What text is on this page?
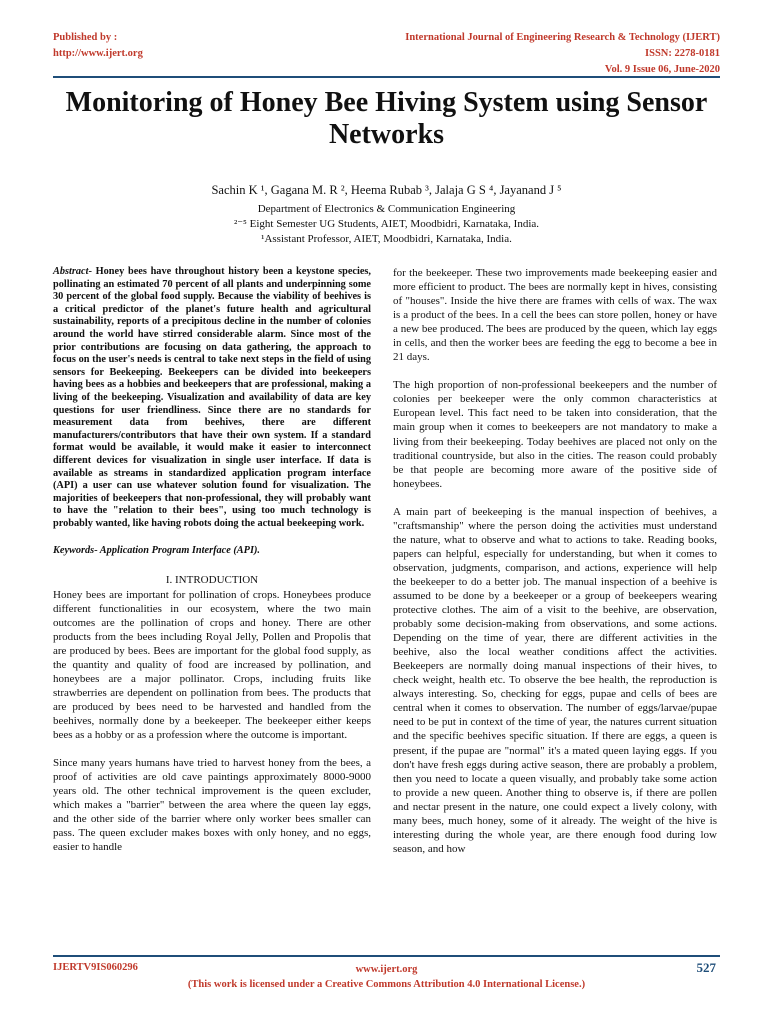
Published by :
http://www.ijert.org
International Journal of Engineering Research & Technology (IJERT)
ISSN: 2278-0181
Vol. 9 Issue 06, June-2020
Monitoring of Honey Bee Hiving System using Sensor Networks
Sachin K ¹, Gagana M. R ², Heema Rubab ³, Jalaja G S ⁴, Jayanand J ⁵
Department of Electronics & Communication Engineering
²⁻⁵ Eight Semester UG Students, AIET, Moodbidri, Karnataka, India.
¹Assistant Professor, AIET, Moodbidri, Karnataka, India.

Abstract- Honey bees have throughout history been a keystone species, pollinating an estimated 70 percent of all plants and underpinning some 30 percent of the global food supply. Because the viability of beehives is a critical predictor of the planet's future health and agricultural sustainability, reports of a precipitous decline in the number of colonies around the world have stirred considerable alarm. Since most of the prior contributions are focusing on data gathering, the approach to focus on the user's needs is central to take next steps in the field of using sensors for Beekeeping. Beekeepers can be divided into beekeepers having bees as a hobbies and beekeepers that are professional, making a living of the beekeeping. Visualization and availability of data are key questions for user friendliness. Since there are no standards for measurement data from beehives, there are different manufacturers/contributors that have their own system. If a standard format would be available, it would make it easier to interconnect different devices for visualization in single user interface. If data is available as streams in standardized application program interface (API) a user can use whatever solution found for visualization. The majorities of beekeepers that non-professional, they will probably want to have the "relation to their bees", using too much technology is probably wanted, like having robots doing the actual beekeeping work.

Keywords- Application Program Interface (API).

I. INTRODUCTION

Honey bees are important for pollination of crops. Honeybees produce different functionalities in our ecosystem, where the two main outcomes are the pollination of crops and honey. There are other products from the bees including Royal Jelly, Pollen and Propolis that are produced by bees. Bees are important for the global food supply, as the quantity and quality of food are increased by pollination, and honeybees are a major pollinator. Crops, including fruits like strawberries are dependent on pollination from bees. The products that are produced by bees need to be harvested and handled from the beehives, normally done by a beekeeper. The beekeeper either keeps bees as a hobby or as a profession where the outcome is important.

Since many years humans have tried to harvest honey from the bees, a proof of activities are old cave paintings approximately 8000-9000 years old. The other technical improvement is the queen excluder, which makes a "barrier" between the area where the queen lay eggs, and the other side of the barrier where only worker bees smaller can pass. The queen excluder makes boxes with only honey, and no eggs, easier to handle

for the beekeeper. These two improvements made beekeeping easier and more efficient to product. The bees are normally kept in hives, consisting of "houses". Inside the hive there are frames with cells of wax. The wax is a product of the bees. In a cell the bees can store pollen, honey or have a new bee produced. The bees are produced by the queen, which lay eggs in cells, and then the worker bees are feeding the egg to become a bee in 21 days.

The high proportion of non-professional beekeepers and the number of colonies per beekeeper were the only common characteristics at European level. This fact need to be taken into consideration, that the main group when it comes to beekeepers are not mandatory to make a living from their beekeeping. Today beehives are placed not only on the traditional countryside, but also in the cities. The reason could probably be that people are becoming more aware of the positive side of honeybees.

A main part of beekeeping is the manual inspection of beehives, a "craftsmanship" where the person doing the activities must understand the nature, what to observe and what to actions to take. Reading books, papers can helpful, especially for understanding, but when it comes to observation, judgments, comparison, and actions, experience will help the beekeeper to do a better job. The manual inspection of a beehive is assumed to be done by a beekeeper or a group of beekeepers wearing protective clothes. The aim of a visit to the beehive, are observation, probably some decision-making from observations, and some actions. Depending on the time of year, there are different activities in the beehive, also the local weather conditions affect the activities. Beekeepers are normally doing manual inspections of their hives, to check weight, health etc. To observe the bee health, the reproduction is always interesting. So, checking for eggs, pupae and cells of bees are central when it comes to observation. The number of eggs/larvae/pupae need to be put in context of the time of year, the natures current situation and the specific beehives specific situation. If there are eggs, a queen is present, if the pupae are "normal" it's a mated queen laying eggs. If you don't have fresh eggs during active season, there are probably a problem, then you need to locate a queen visually, and probably take some action to provide a new queen. Another thing to observe is, if there are pollen and nectar present in the nature, one could expect a lively colony, with many bees, much honey, some of it already. The weight of the hive is interesting during the whole year, are there enough food during low season, and how

IJERTV9IS060296	www.ijert.org
(This work is licensed under a Creative Commons Attribution 4.0 International License.)
527
